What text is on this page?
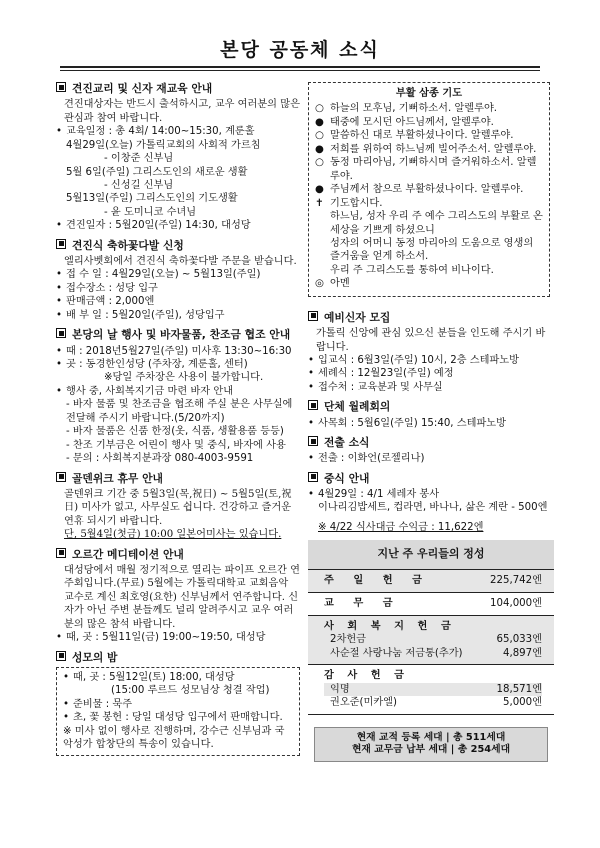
본당 공동체 소식
견진교리 및 신자 재교육 안내
견진대상자는 반드시 출석하시고, 교우 여러분의 많은 관심과 참여 바랍니다.
• 교육일정 : 총 4회/ 14:00~15:30, 계룬홀
4월29일(오늘) 가톨릭교회의 사회적 가르침
- 이창준 신부님
5월 6일(주일) 그리스도인의 새로운 생활
- 신성길 신부님
5월13일(주일) 그리스도인의 기도생활
- 윤 도미니코 수녀님
• 견진일자 : 5월20일(주일) 14:30, 대성당
견진식 축하꽃다발 신청
엘리사벳회에서 견진식 축하꽃다발 주문을 받습니다.
• 접 수 일 : 4월29일(오늘) ~ 5월13일(주일)
• 접수장소 : 성당 입구
• 판매금액 : 2,000엔
• 배 부 일 : 5월20일(주일), 성당입구
본당의 날 행사 및 바자물품, 찬조금 협조 안내
• 때 : 2018년5월27일(주일) 미사후 13:30~16:30
• 곳 : 동경한인성당 (주차장, 계룬홀, 센터)
※당일 주차장은 사용이 불가합니다.
• 행사 중, 사회복지기금 마련 바자 안내
- 바자 물품 및 찬조금을 협조해 주실 분은 사무실에 전달해 주시기 바랍니다.(5/20까지)
- 바자 물품은 신품 한정(옷, 식품, 생활용품 등등)
- 찬조 기부금은 어린이 행사 및 중식, 바자에 사용
- 문의 : 사회복지분과장 080-4003-9591
골덴위크 휴무 안내
골덴위크 기간 중 5월3일(목,祝日) ~ 5월5일(토,祝日) 미사가 없고, 사무실도 쉽니다. 건강하고 즐거운 연휴 되시기 바랍니다.
단, 5월4일(첫금) 10:00 일본어미사는 있습니다.
오르간 메디테이션 안내
대성당에서 매월 정기적으로 열리는 파이프 오르간 연주회입니다.(무료) 5월에는 가톨릭대학교 교회음악 교수로 계신 최호영(요한) 신부님께서 연주합니다. 신자가 아닌 주변 분들께도 널리 알려주시고 교우 여러분의 많은 참석 바랍니다.
• 때, 곳 : 5월11일(금) 19:00~19:50, 대성당
성모의 밤
• 때, 곳 : 5월12일(토) 18:00, 대성당
(15:00 루르드 성모님상 청결 작업)
• 준비물 : 묵주
• 초, 꽃 봉헌 : 당일 대성당 입구에서 판매합니다.
※ 미사 없이 행사로 진행하며, 강수근 신부님과 국악성가 합창단의 특송이 있습니다.
부활 삼종 기도
○ 하늘의 모후님, 기뻐하소서. 알렐루야.
● 태중에 모시던 아드님께서, 알렐루야.
○ 말씀하신 대로 부활하셨나이다. 알렐루야.
● 저희를 위하여 하느님께 빌어주소서. 알렐루야.
○ 동정 마리아님, 기뻐하시며 즐거워하소서. 알렐루야.
● 주님께서 참으로 부활하셨나이다. 알렐루야.
✝ 기도합시다.
하느님, 성자 우리 주 예수 그리스도의 부활로 온 세상을 기쁘게 하셨으니
성자의 어머니 동정 마리아의 도움으로 영생의 즐거움을 얻게 하소서.
우리 주 그리스도를 통하여 비나이다.
◎ 아멘
예비신자 모집
가톨릭 신앙에 관심 있으신 분들을 인도해 주시기 바랍니다.
• 입교식 : 6월3일(주일) 10시, 2층 스테파노방
• 세례식 : 12월23일(주일) 예정
• 접수처 : 교육분과 및 사무실
단체 월례회의
• 사목회 : 5월6일(주일) 15:40, 스테파노방
전출 소식
• 전출 : 이화언(로젤리나)
중식 안내
• 4월29일 : 4/1 세레자 봉사
이나리김밥세트, 컵라면, 바나나, 삶은 계란 - 500엔
※ 4/22 식사대금 수익금 : 11,622엔
지난 주 우리들의 정성
주 일 헌 금	225,742엔
교 무 금	104,000엔
사 회 복 지 헌 금
2차헌금	65,033엔
사순절 사랑나눔 저금통(추가)	4,897엔
감 사 헌 금
익명	18,571엔
권오준(미카엘)	5,000엔
현재 교적 등록 세대 | 총 511세대
현재 교무금 납부 세대 | 총 254세대
